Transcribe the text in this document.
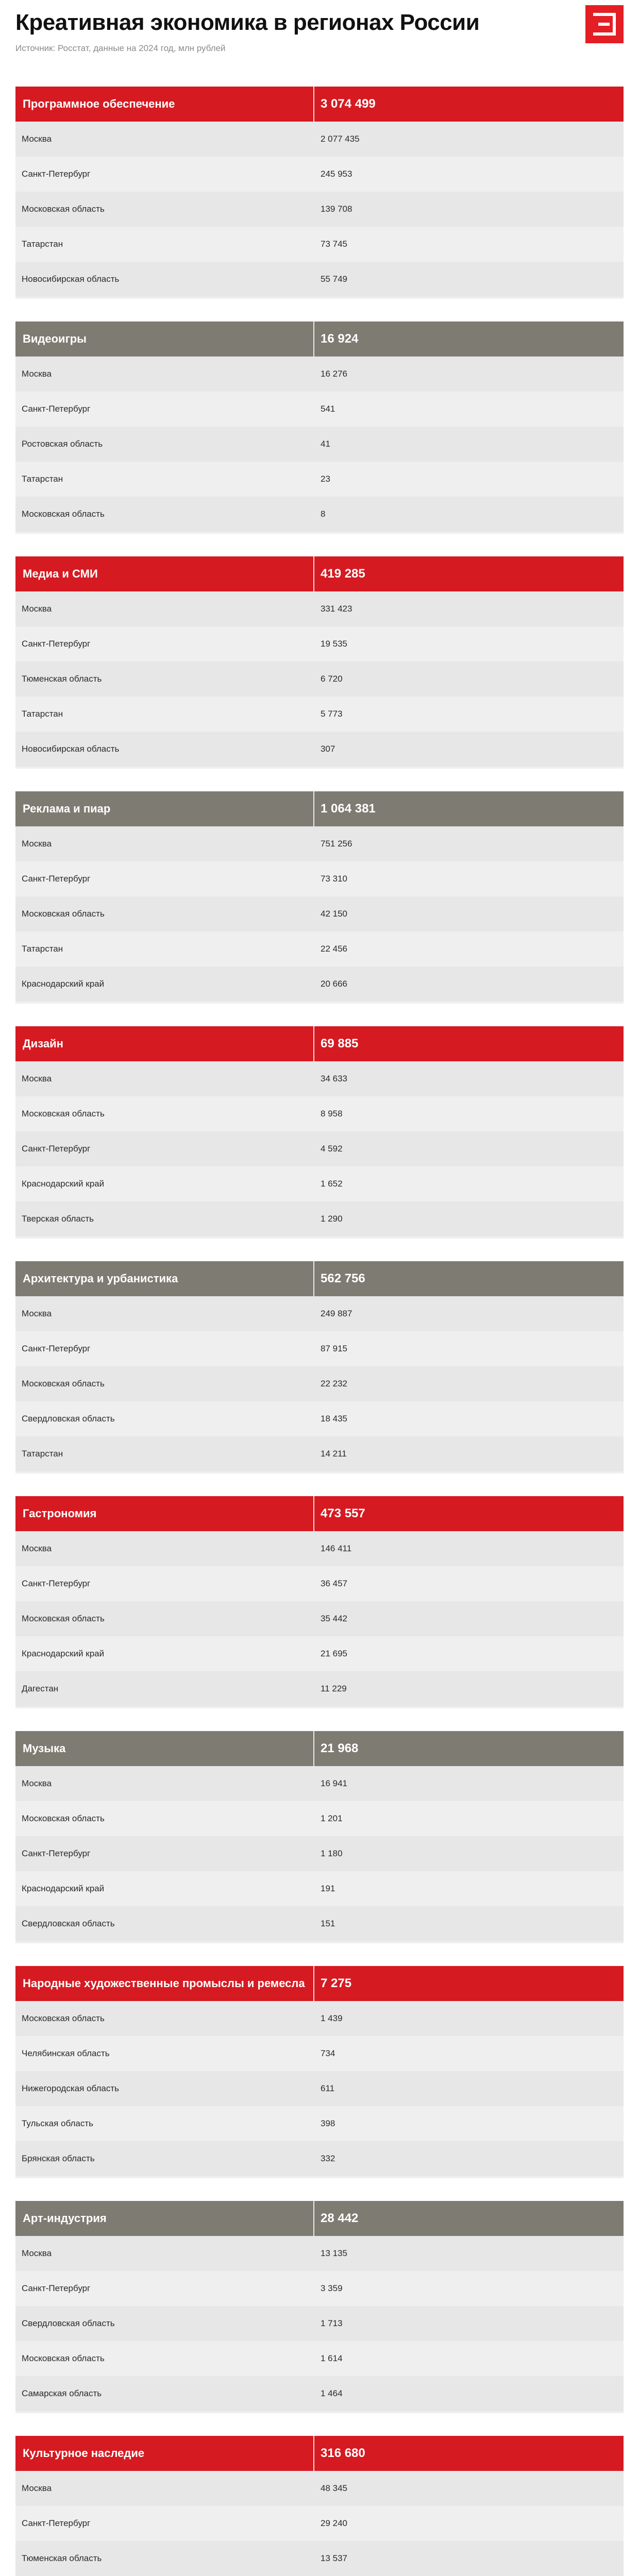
Креативная экономика в регионах России
Источник: Росстат, данные на 2024 год, млн рублей
Программное обеспечение	3 074 499
Москва	2 077 435
Санкт-Петербург	245 953
Московская область	139 708
Татарстан	73 745
Новосибирская область	55 749
Видеоигры	16 924
Москва	16 276
Санкт-Петербург	541
Ростовская область	41
Татарстан	23
Московская область	8
Медиа и СМИ	419 285
Москва	331 423
Санкт-Петербург	19 535
Тюменская область	6 720
Татарстан	5 773
Новосибирская область	307
Реклама и пиар	1 064 381
Москва	751 256
Санкт-Петербург	73 310
Московская область	42 150
Татарстан	22 456
Краснодарский край	20 666
Дизайн	69 885
Москва	34 633
Московская область	8 958
Санкт-Петербург	4 592
Краснодарский край	1 652
Тверская область	1 290
Архитектура и урбанистика	562 756
Москва	249 887
Санкт-Петербург	87 915
Московская область	22 232
Свердловская область	18 435
Татарстан	14 211
Гастрономия	473 557
Москва	146 411
Санкт-Петербург	36 457
Московская область	35 442
Краснодарский край	21 695
Дагестан	11 229
Музыка	21 968
Москва	16 941
Московская область	1 201
Санкт-Петербург	1 180
Краснодарский край	191
Свердловская область	151
Народные художественные промыслы и ремесла	7 275
Московская область	1 439
Челябинская область	734
Нижегородская область	611
Тульская область	398
Брянская область	332
Арт-индустрия	28 442
Москва	13 135
Санкт-Петербург	3 359
Свердловская область	1 713
Московская область	1 614
Самарская область	1 464
Культурное наследие	316 680
Москва	48 345
Санкт-Петербург	29 240
Тюменская область	13 537
